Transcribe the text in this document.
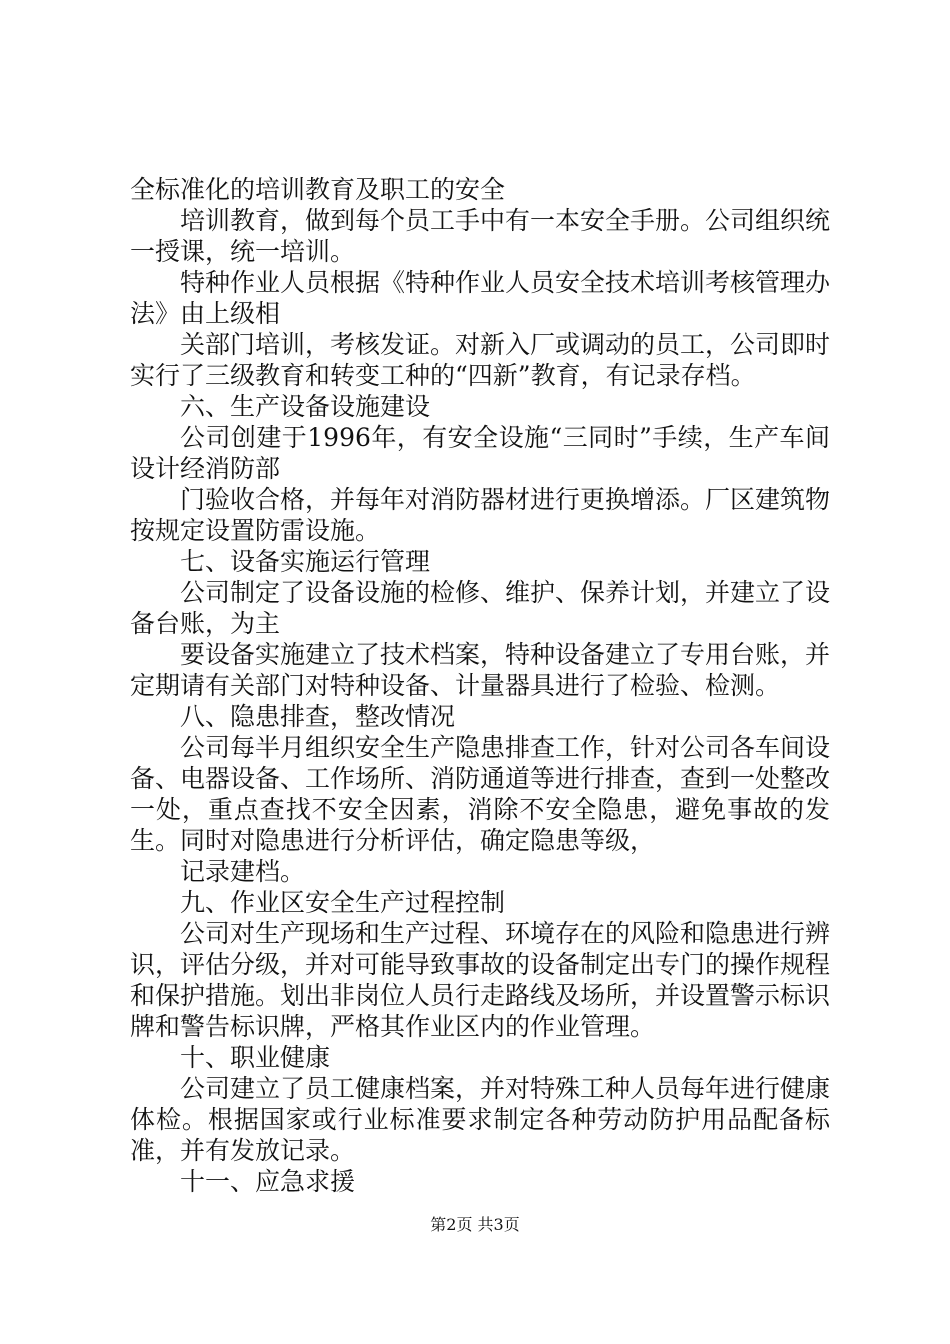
全标准化的培训教育及职工的安全

培训教育，做到每个员工手中有一本安全手册。公司组织统一授课，统一培训。

特种作业人员根据《特种作业人员安全技术培训考核管理办法》由上级相

关部门培训，考核发证。对新入厂或调动的员工，公司即时实行了三级教育和转变工种的“四新”教育，有记录存档。

六、生产设备设施建设

公司创建于1996年，有安全设施“三同时”手续，生产车间设计经消防部

门验收合格，并每年对消防器材进行更换增添。厂区建筑物按规定设置防雷设施。

七、设备实施运行管理

公司制定了设备设施的检修、维护、保养计划，并建立了设备台账，为主

要设备实施建立了技术档案，特种设备建立了专用台账，并定期请有关部门对特种设备、计量器具进行了检验、检测。

八、隐患排查，整改情况

公司每半月组织安全生产隐患排查工作，针对公司各车间设备、电器设备、工作场所、消防通道等进行排查，查到一处整改一处，重点查找不安全因素，消除不安全隐患，避免事故的发生。同时对隐患进行分析评估，确定隐患等级，

记录建档。

九、作业区安全生产过程控制

公司对生产现场和生产过程、环境存在的风险和隐患进行辨识，评估分级，并对可能导致事故的设备制定出专门的操作规程和保护措施。划出非岗位人员行走路线及场所，并设置警示标识牌和警告标识牌，严格其作业区内的作业管理。

十、职业健康

公司建立了员工健康档案，并对特殊工种人员每年进行健康体检。根据国家或行业标准要求制定各种劳动防护用品配备标准，并有发放记录。

十一、应急求援

第2页 共3页
